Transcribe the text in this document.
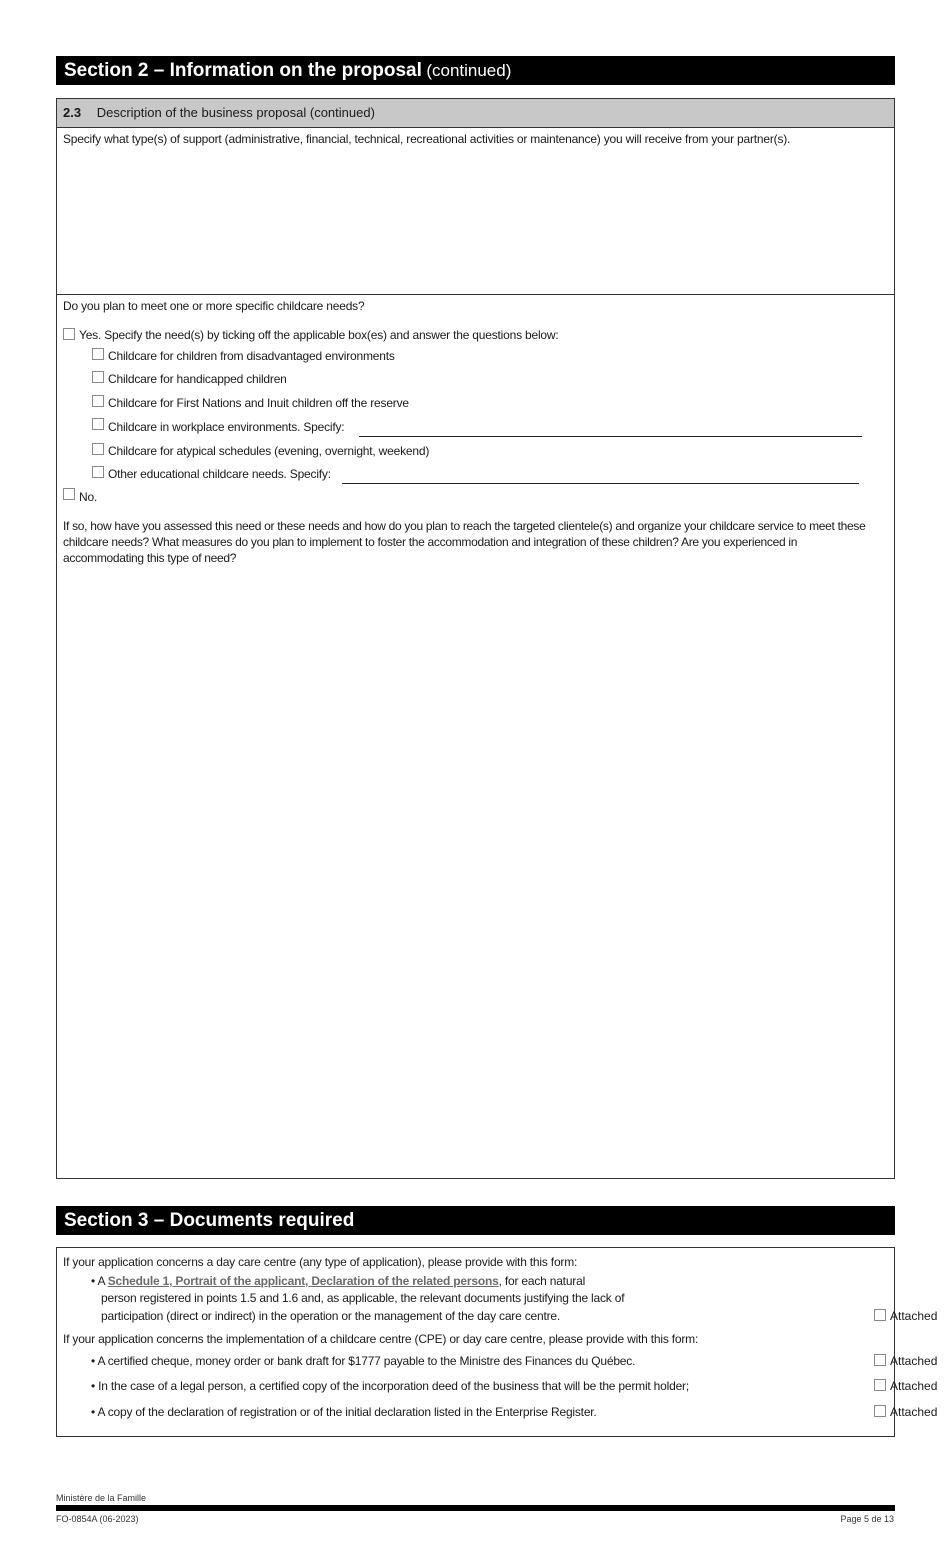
Section 2 – Information on the proposal (continued)
2.3 Description of the business proposal (continued)
Specify what type(s) of support (administrative, financial, technical, recreational activities or maintenance) you will receive from your partner(s).
Do you plan to meet one or more specific childcare needs?
Yes. Specify the need(s) by ticking off the applicable box(es) and answer the questions below:
Childcare for children from disadvantaged environments
Childcare for handicapped children
Childcare for First Nations and Inuit children off the reserve
Childcare in workplace environments. Specify:
Childcare for atypical schedules (evening, overnight, weekend)
Other educational childcare needs. Specify:
No.
If so, how have you assessed this need or these needs and how do you plan to reach the targeted clientele(s) and organize your childcare service to meet these childcare needs? What measures do you plan to implement to foster the accommodation and integration of these children? Are you experienced in accommodating this type of need?
Section 3 – Documents required
If your application concerns a day care centre (any type of application), please provide with this form:
• A Schedule 1, Portrait of the applicant, Declaration of the related persons, for each natural
person registered in points 1.5 and 1.6 and, as applicable, the relevant documents justifying the lack of
participation (direct or indirect) in the operation or the management of the day care centre.	Attached
If your application concerns the implementation of a childcare centre (CPE) or day care centre, please provide with this form:
• A certified cheque, money order or bank draft for $1777 payable to the Ministre des Finances du Québec.	Attached
• In the case of a legal person, a certified copy of the incorporation deed of the business that will be the permit holder;	Attached
• A copy of the declaration of registration or of the initial declaration listed in the Enterprise Register.	Attached
Ministère de la Famille
FO-0854A (06-2023)	Page 5 de 13
